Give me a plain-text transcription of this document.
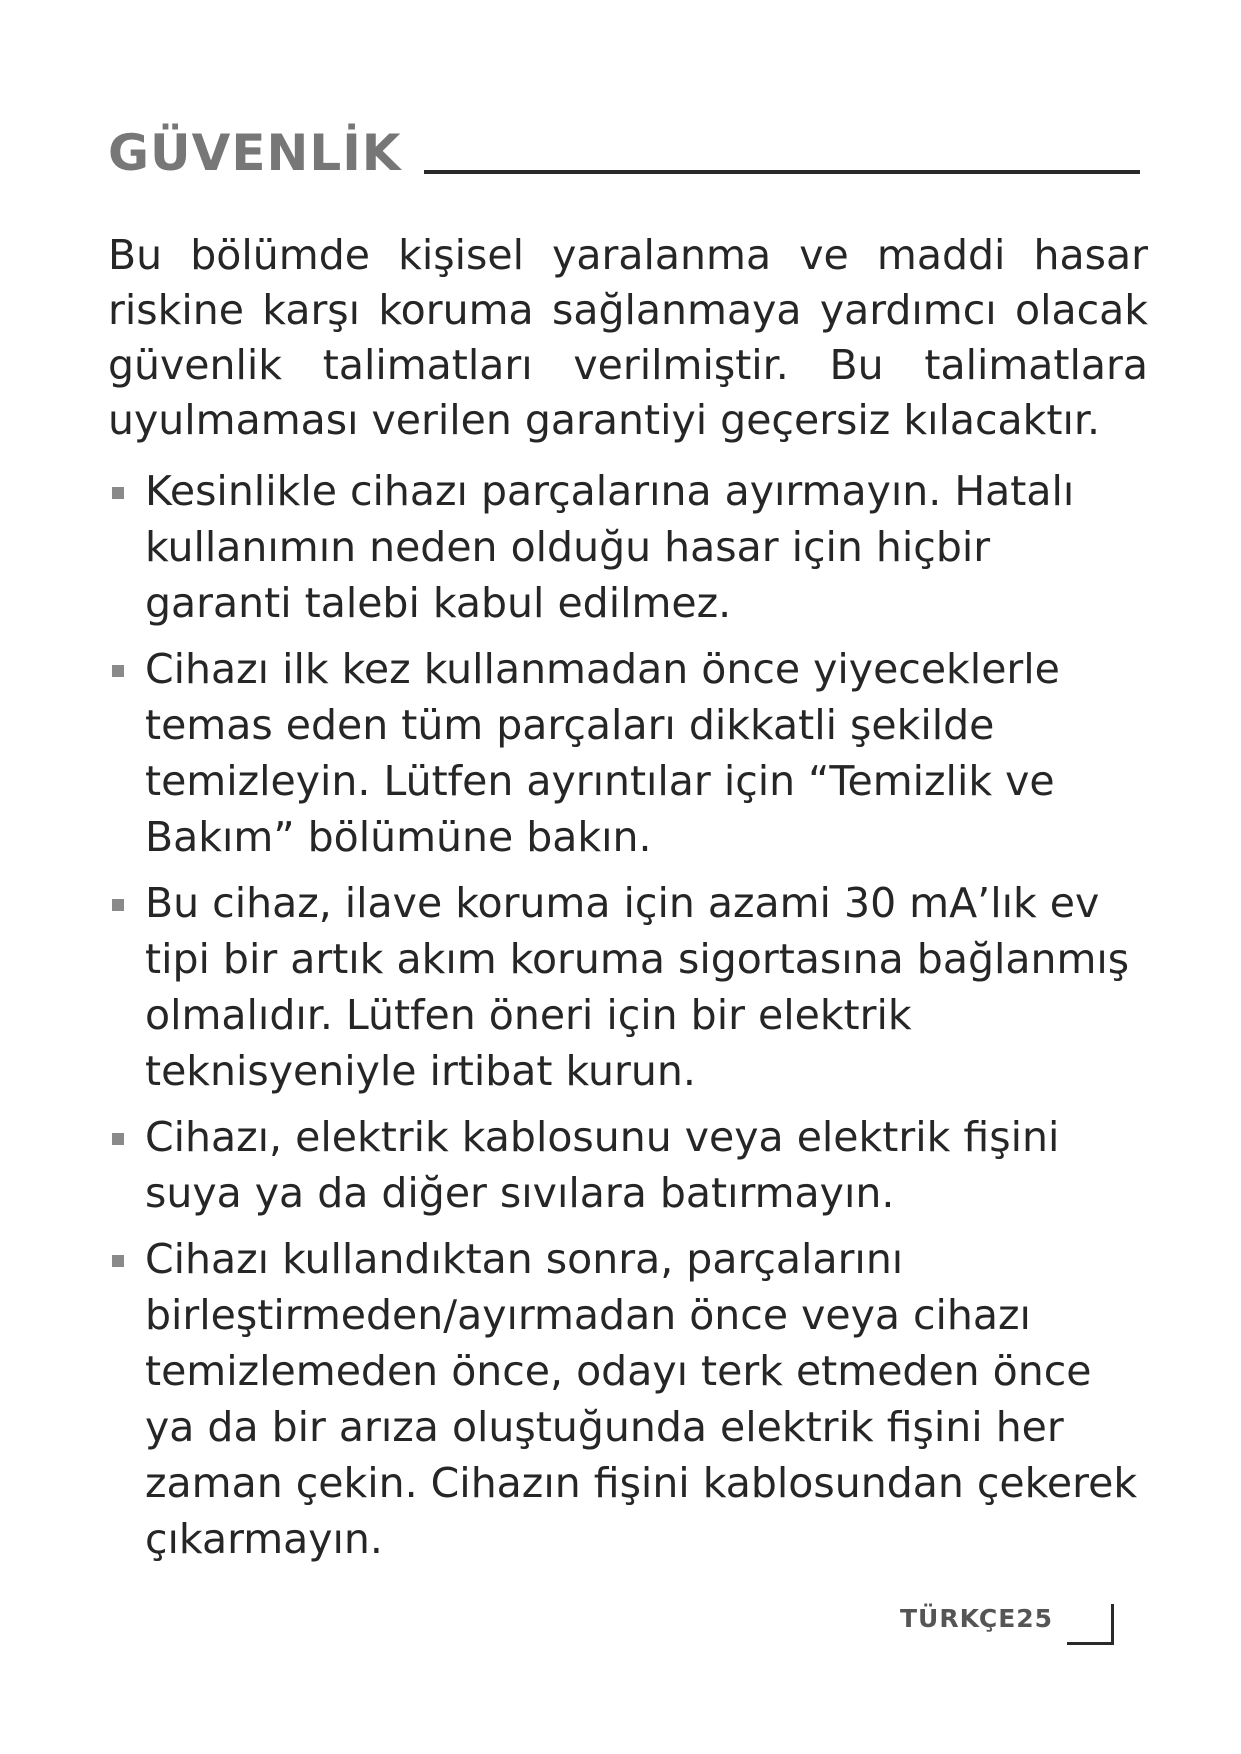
GÜVENLİK

Bu bölümde kişisel yaralanma ve maddi hasar riskine karşı koruma sağlanmaya yardımcı olacak güvenlik talimatları verilmiştir. Bu talimatlara uyulmaması verilen garantiyi geçersiz kılacaktır.

Kesinlikle cihazı parçalarına ayırmayın. Hatalı kullanımın neden olduğu hasar için hiçbir garanti talebi kabul edilmez.
Cihazı ilk kez kullanmadan önce yiyeceklerle temas eden tüm parçaları dikkatli şekilde temizleyin. Lütfen ayrıntılar için “Temizlik ve Bakım” bölümüne bakın.
Bu cihaz, ilave koruma için azami 30 mA’lık ev tipi bir artık akım koruma sigortasına bağlanmış olmalıdır. Lütfen öneri için bir elektrik teknisyeniyle irtibat kurun.
Cihazı, elektrik kablosunu veya elektrik fişini suya ya da diğer sıvılara batırmayın.
Cihazı kullandıktan sonra, parçalarını birleştirmeden/ayırmadan önce veya cihazı temizlemeden önce, odayı terk etmeden önce ya da bir arıza oluştuğunda elektrik fişini her zaman çekin. Cihazın fişini kablosundan çekerek çıkarmayın.
TÜRKÇE25
